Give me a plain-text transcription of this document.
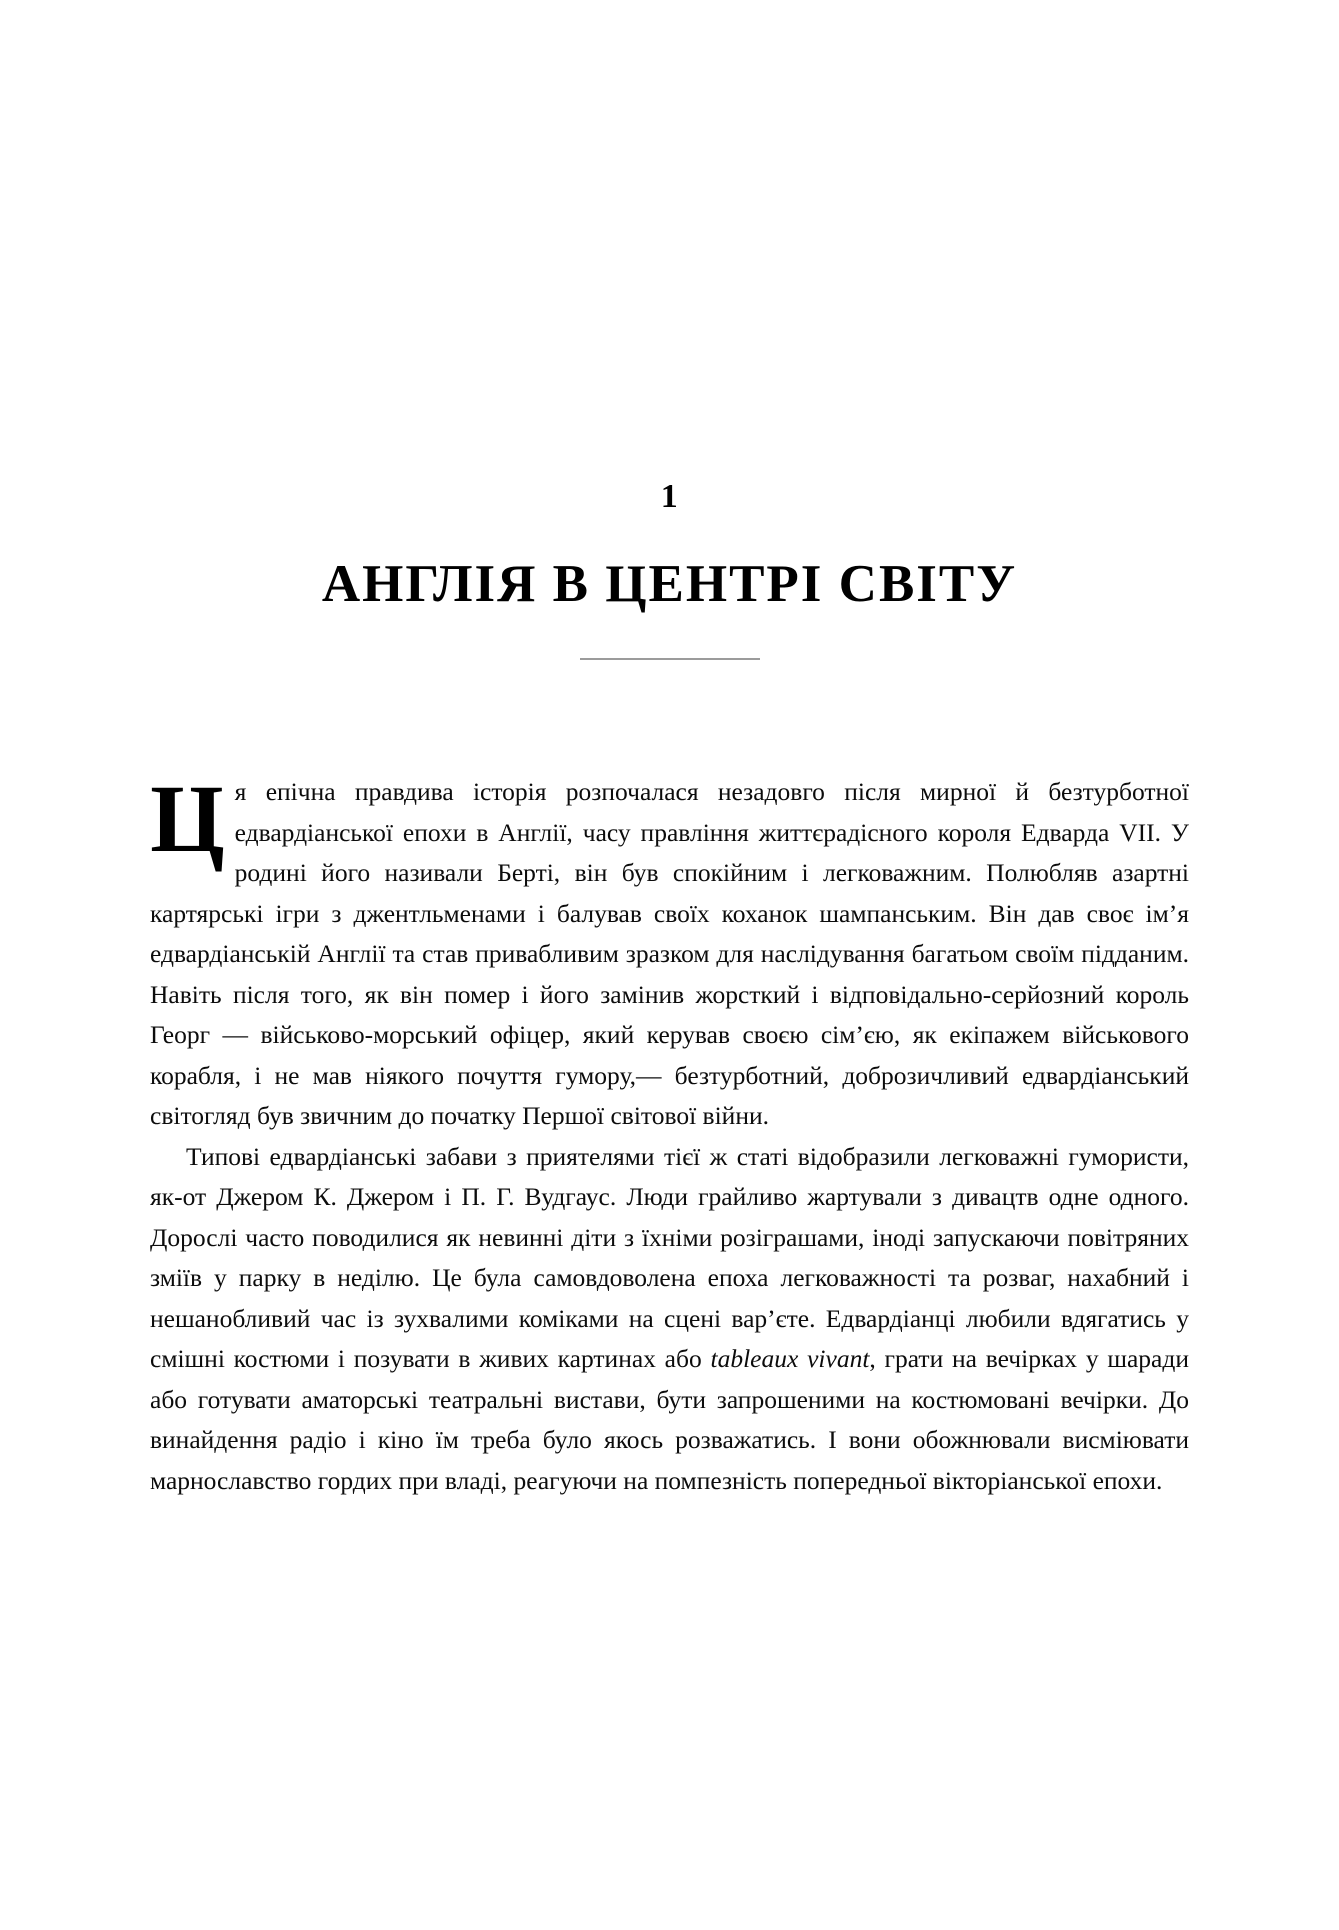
1
АНГЛІЯ В ЦЕНТРІ СВІТУ

Ця епічна правдива історія розпочалася незадовго після мирної й безтурботної едвардіанської епохи в Англії, часу правління життєрадісного короля Едварда VII. У родині його називали Берті, він був спокійним і легковажним. Полюбляв азартні картярські ігри з джентльменами і балував своїх коханок шампанським. Він дав своє ім’я едвардіанській Англії та став привабливим зразком для наслідування багатьом своїм підданим. Навіть після того, як він помер і його замінив жорсткий і відповідально-серйозний король Георг — військово-морський офіцер, який керував своєю сім’єю, як екіпажем військового корабля, і не мав ніякого почуття гумору,— безтурботний, доброзичливий едвардіанський світогляд був звичним до початку Першої світової війни.

Типові едвардіанські забави з приятелями тієї ж статі відобразили легковажні гумористи, як-от Джером К. Джером і П. Г. Вудгаус. Люди грайливо жартували з дивацтв одне одного. Дорослі часто поводилися як невинні діти з їхніми розіграшами, іноді запускаючи повітряних зміїв у парку в неділю. Це була самовдоволена епоха легковажності та розваг, нахабний і нешанобливий час із зухвалими коміками на сцені вар’єте. Едвардіанці любили вдягатись у смішні костюми і позувати в живих картинах або tableaux vivant, грати на вечірках у шаради або готувати аматорські театральні вистави, бути запрошеними на костюмовані вечірки. До винайдення радіо і кіно їм треба було якось розважатись. І вони обожнювали висміювати марнославство гордих при владі, реагуючи на помпезність попередньої вікторіанської епохи.
